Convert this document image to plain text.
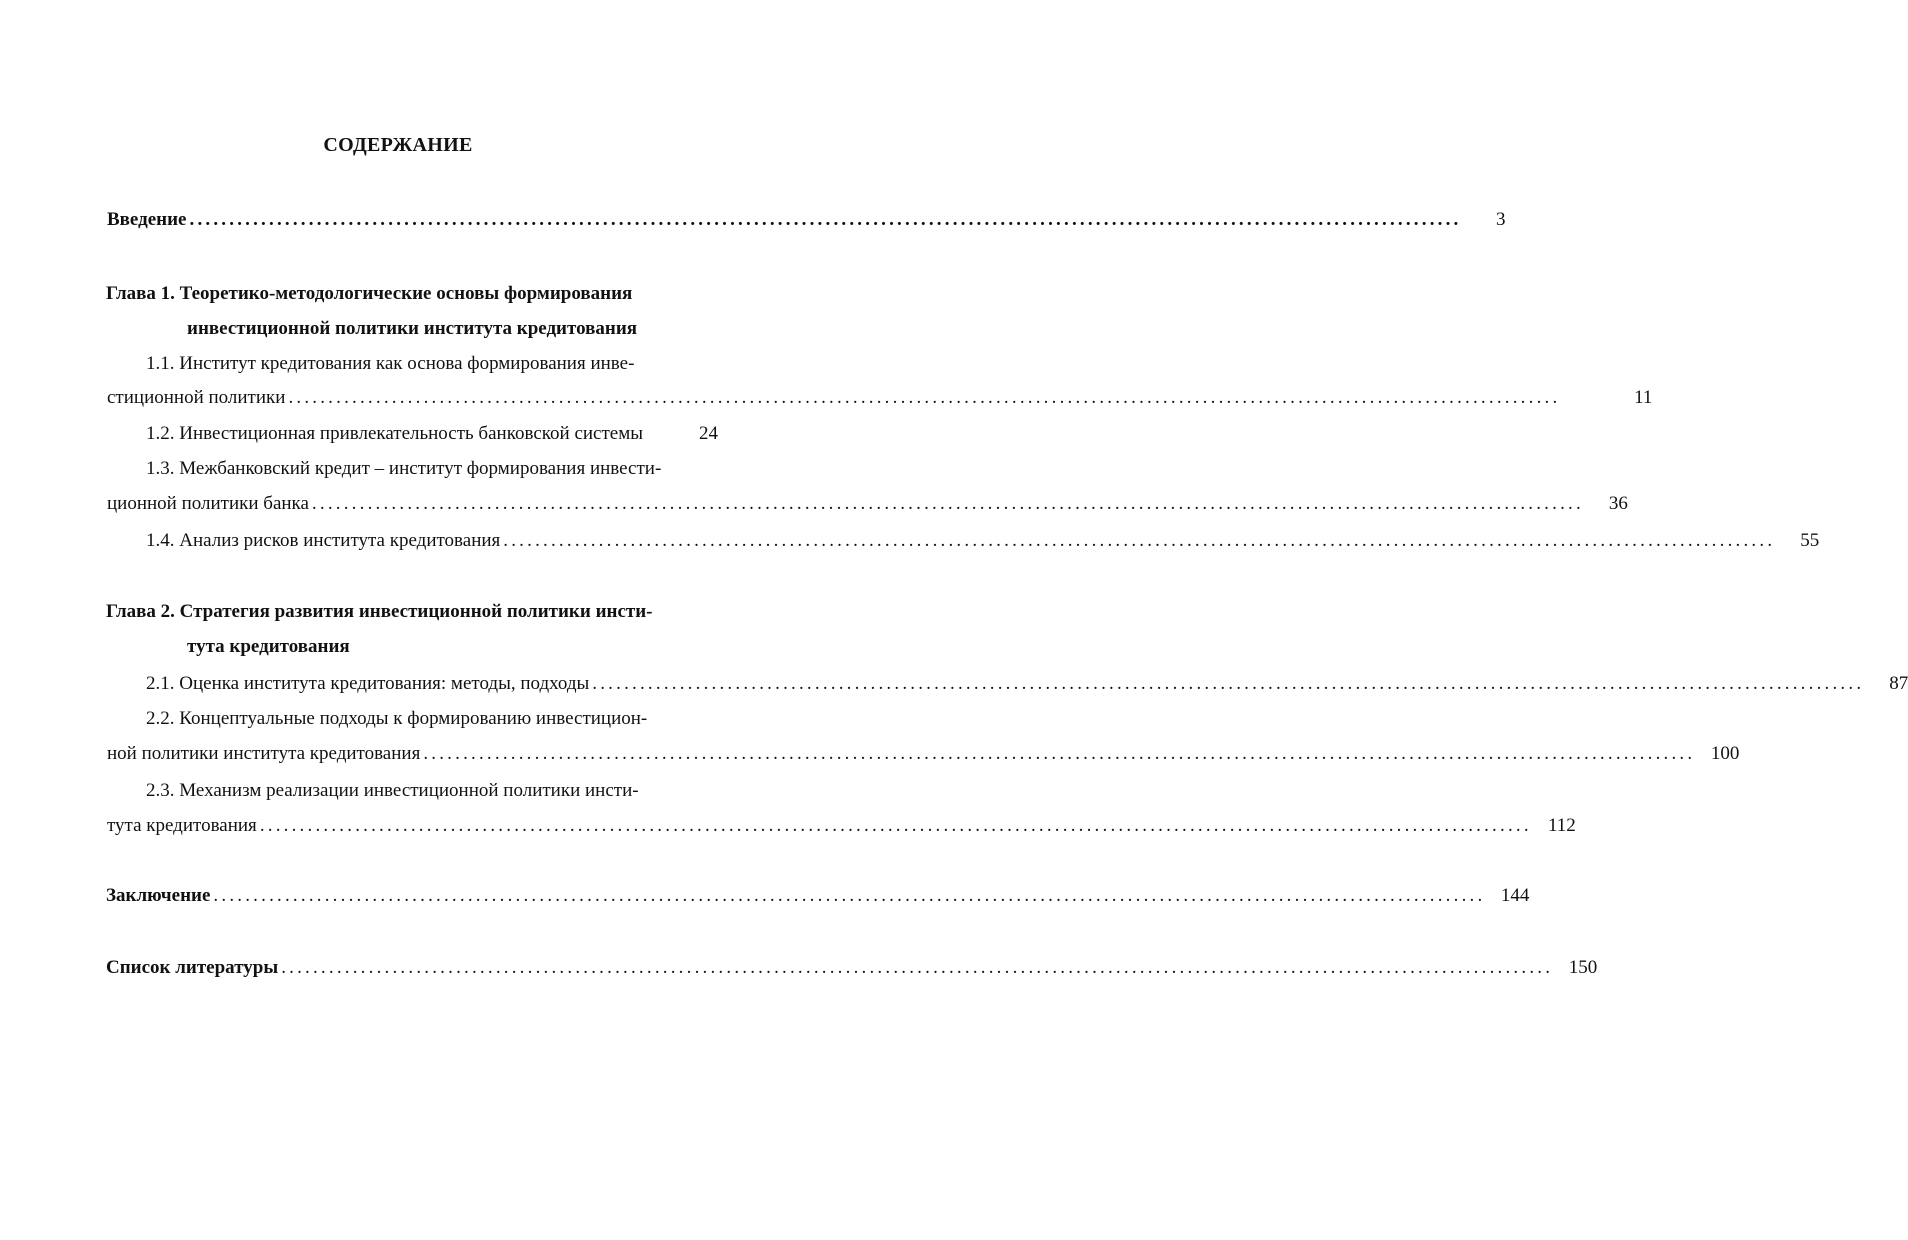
СОДЕРЖАНИЕ
Введение ................................................................................................................................................................	3
Глава 1. Теоретико-методологические основы формирования
инвестиционной политики института кредитования
1.1. Институт кредитования как основа формирования инве-
стиционной политики ................................................................................................................................................................	11
1.2. Инвестиционная привлекательность банковской системы	24
1.3. Межбанковский кредит – институт формирования инвести-
ционной политики банка ................................................................................................................................................................	36
1.4. Анализ рисков института кредитования ................................................................................................................................................................	55
Глава 2. Стратегия развития инвестиционной политики инсти-
тута кредитования
2.1. Оценка института кредитования: методы, подходы ................................................................................................................................................................	87
2.2. Концептуальные подходы к формированию инвестицион-
ной политики института кредитования ................................................................................................................................................................ 100
2.3. Механизм реализации инвестиционной политики инсти-
тута кредитования ................................................................................................................................................................ 112
Заключение ................................................................................................................................................................ 144
Список литературы ................................................................................................................................................................ 150
